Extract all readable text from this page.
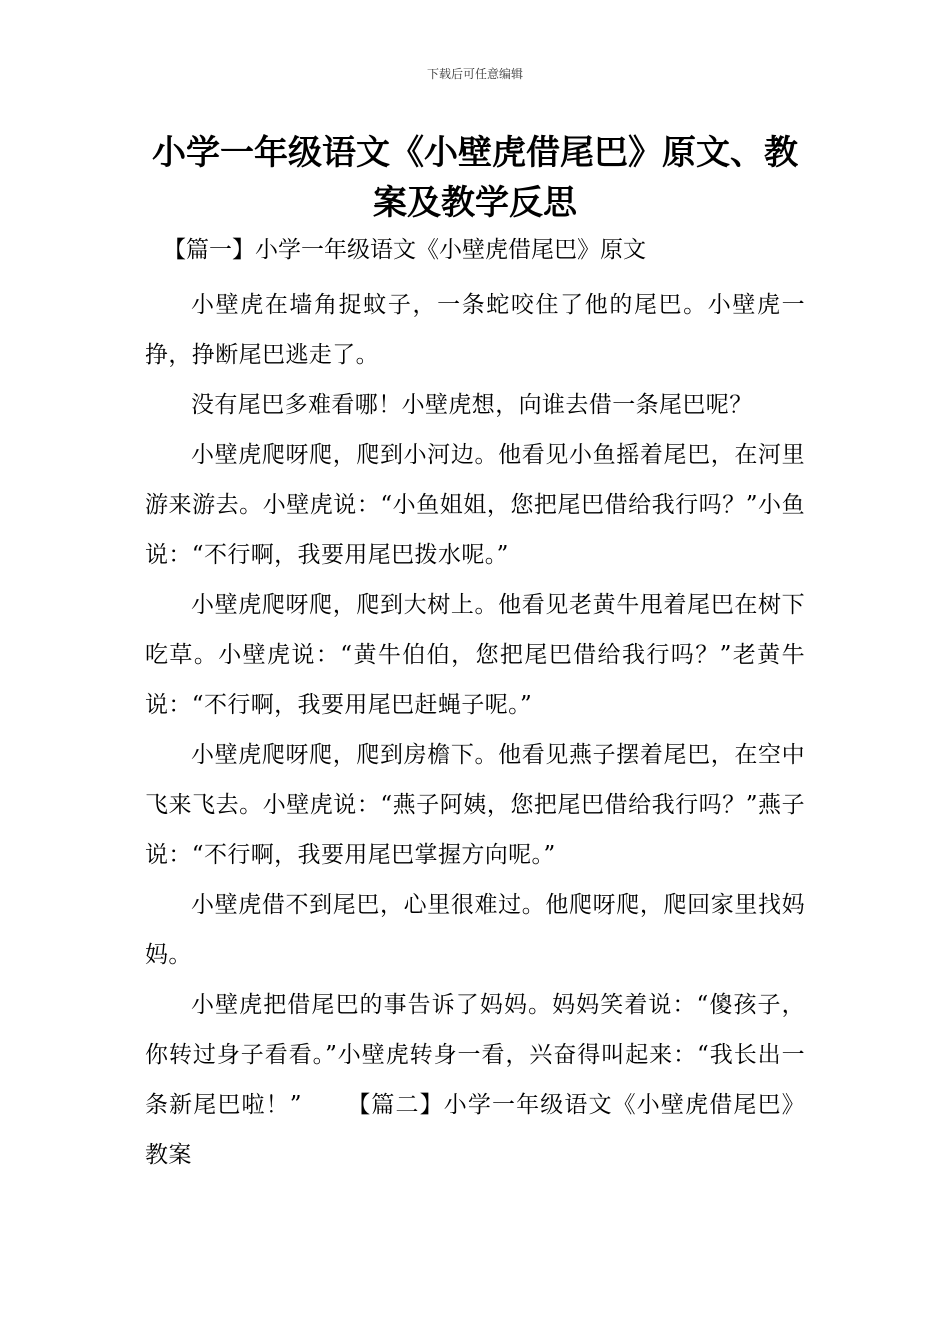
下载后可任意编辑
小学一年级语文《小壁虎借尾巴》原文、教案及教学反思
【篇一】小学一年级语文《小壁虎借尾巴》原文

小壁虎在墙角捉蚊子，一条蛇咬住了他的尾巴。小壁虎一挣，挣断尾巴逃走了。

没有尾巴多难看哪！小壁虎想，向谁去借一条尾巴呢？

小壁虎爬呀爬，爬到小河边。他看见小鱼摇着尾巴，在河里游来游去。小壁虎说：“小鱼姐姐，您把尾巴借给我行吗？”小鱼说：“不行啊，我要用尾巴拨水呢。”

小壁虎爬呀爬，爬到大树上。他看见老黄牛甩着尾巴在树下吃草。小壁虎说：“黄牛伯伯，您把尾巴借给我行吗？”老黄牛说：“不行啊，我要用尾巴赶蝇子呢。”

小壁虎爬呀爬，爬到房檐下。他看见燕子摆着尾巴，在空中飞来飞去。小壁虎说：“燕子阿姨，您把尾巴借给我行吗？”燕子说：“不行啊，我要用尾巴掌握方向呢。”

小壁虎借不到尾巴，心里很难过。他爬呀爬，爬回家里找妈妈。

小壁虎把借尾巴的事告诉了妈妈。妈妈笑着说：“傻孩子，你转过身子看看。”小壁虎转身一看，兴奋得叫起来：“我长出一条新尾巴啦！” 【篇二】小学一年级语文《小壁虎借尾巴》教案
